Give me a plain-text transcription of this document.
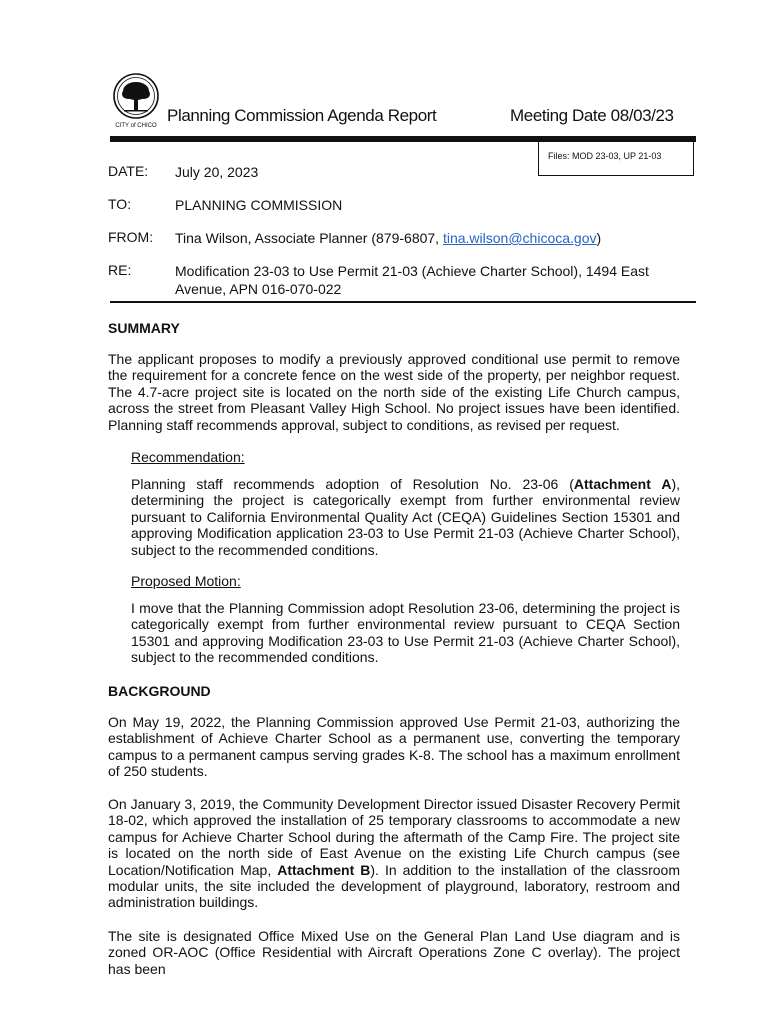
CITY of CHICO
Planning Commission Agenda Report	Meeting Date 08/03/23
Files: MOD 23-03, UP 21-03
DATE: July 20, 2023
TO:	PLANNING COMMISSION
FROM: Tina Wilson, Associate Planner (879-6807, tina.wilson@chicoca.gov)
RE:	Modification 23-03 to Use Permit 21-03 (Achieve Charter School), 1494 East Avenue, APN 016-070-022
SUMMARY
The applicant proposes to modify a previously approved conditional use permit to remove the requirement for a concrete fence on the west side of the property, per neighbor request. The 4.7-acre project site is located on the north side of the existing Life Church campus, across the street from Pleasant Valley High School. No project issues have been identified. Planning staff recommends approval, subject to conditions, as revised per request.
Recommendation:
Planning staff recommends adoption of Resolution No. 23-06 (Attachment A), determining the project is categorically exempt from further environmental review pursuant to California Environmental Quality Act (CEQA) Guidelines Section 15301 and approving Modification application 23-03 to Use Permit 21-03 (Achieve Charter School), subject to the recommended conditions.
Proposed Motion:
I move that the Planning Commission adopt Resolution 23-06, determining the project is categorically exempt from further environmental review pursuant to CEQA Section 15301 and approving Modification 23-03 to Use Permit 21-03 (Achieve Charter School), subject to the recommended conditions.
BACKGROUND
On May 19, 2022, the Planning Commission approved Use Permit 21-03, authorizing the establishment of Achieve Charter School as a permanent use, converting the temporary campus to a permanent campus serving grades K-8. The school has a maximum enrollment of 250 students.
On January 3, 2019, the Community Development Director issued Disaster Recovery Permit 18-02, which approved the installation of 25 temporary classrooms to accommodate a new campus for Achieve Charter School during the aftermath of the Camp Fire. The project site is located on the north side of East Avenue on the existing Life Church campus (see Location/Notification Map, Attachment B). In addition to the installation of the classroom modular units, the site included the development of playground, laboratory, restroom and administration buildings.
The site is designated Office Mixed Use on the General Plan Land Use diagram and is zoned OR-AOC (Office Residential with Aircraft Operations Zone C overlay). The project has been
